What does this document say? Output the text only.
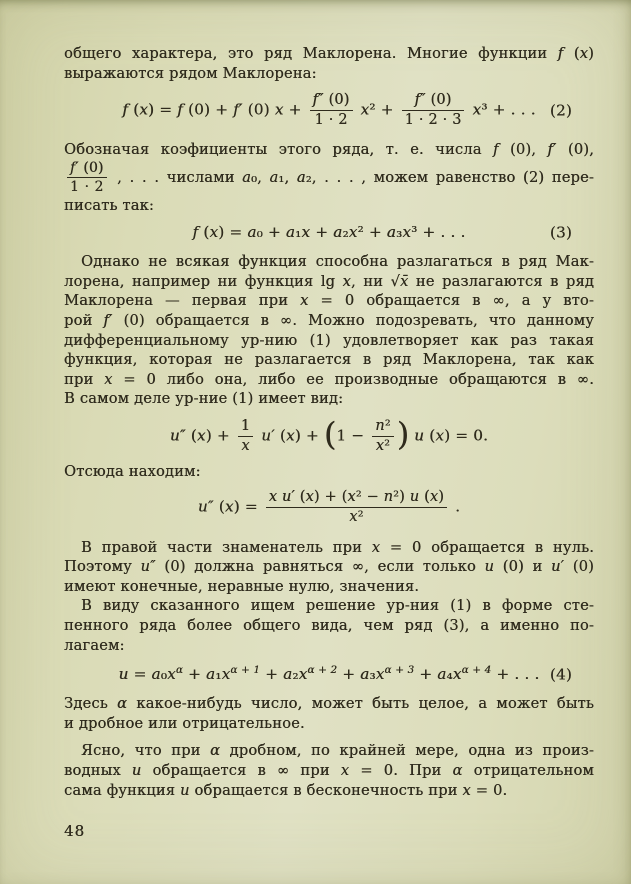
общего характера, это ряд Маклорена. Многие функции f (x)
выражаются рядом Маклорена:
f (x) = f (0) + f′ (0) $x + \frac{f'' (0)}{1 \cdot 2} x^2 + \frac{f'' (0)}{1 \cdot 2 \cdot 3} x^3$ + . . . (2)
Обозначая коэфициенты этого ряда, т. е. числа f (0), f′ (0),
$\frac{f' (0)}{1 \cdot 2}$ , . . . числами a₀, a₁, a₂, . . . , можем равенство (2) пере-
писать так:
f (x) = a₀ + a₁x + a₂x² + a₃x³ + . . .	(3)
Однако не всякая функция способна разлагаться в ряд Мак-
лорена, например ни функция lg x, ни √x̄ не разлагаются в ряд
Маклорена — первая при x = 0 обращается в ∞, а у вто-
рой f′ (0) обращается в ∞. Можно подозревать, что данному
дифференциальному ур-нию (1) удовлетворяет как раз такая
функция, которая не разлагается в ряд Маклорена, так как
при x = 0 либо она, либо ее производные обращаются в ∞.
В самом деле ур-ние (1) имеет вид:
u″ $(x) + \frac{1}{x} u'$ $(x) + (1 - \frac{\text{n²}}{\text{x²}}$ ) u (x) = 0.
Отсюда находим:
u″ $(x) = \frac{\text{x u′ (x) + (x² − n²) u (x)}}{\text{x²}}$ .
В правой части знаменатель при x = 0 обращается в нуль.
Поэтому u″ (0) должна равняться ∞, если только u (0) и u′ (0)
имеют конечные, неравные нулю, значения.
В виду сказанного ищем решение ур-ния (1) в форме сте-
пенного ряда более общего вида, чем ряд (3), а именно по-
лагаем:
$u = a_0x^\alpha + a_1x^{\alpha + 1} + a_2x^{\alpha + 2} + a_3x^{\alpha + 3} + a_4x^{\alpha + 4}$ + . . . (4)
Здесь α какое-нибудь число, может быть целое, а может быть
и дробное или отрицательное.
Ясно, что при α дробном, по крайней мере, одна из произ-
водных u обращается в ∞ при x = 0. При α отрицательном
сама функция u обращается в бесконечность при x = 0.
48
